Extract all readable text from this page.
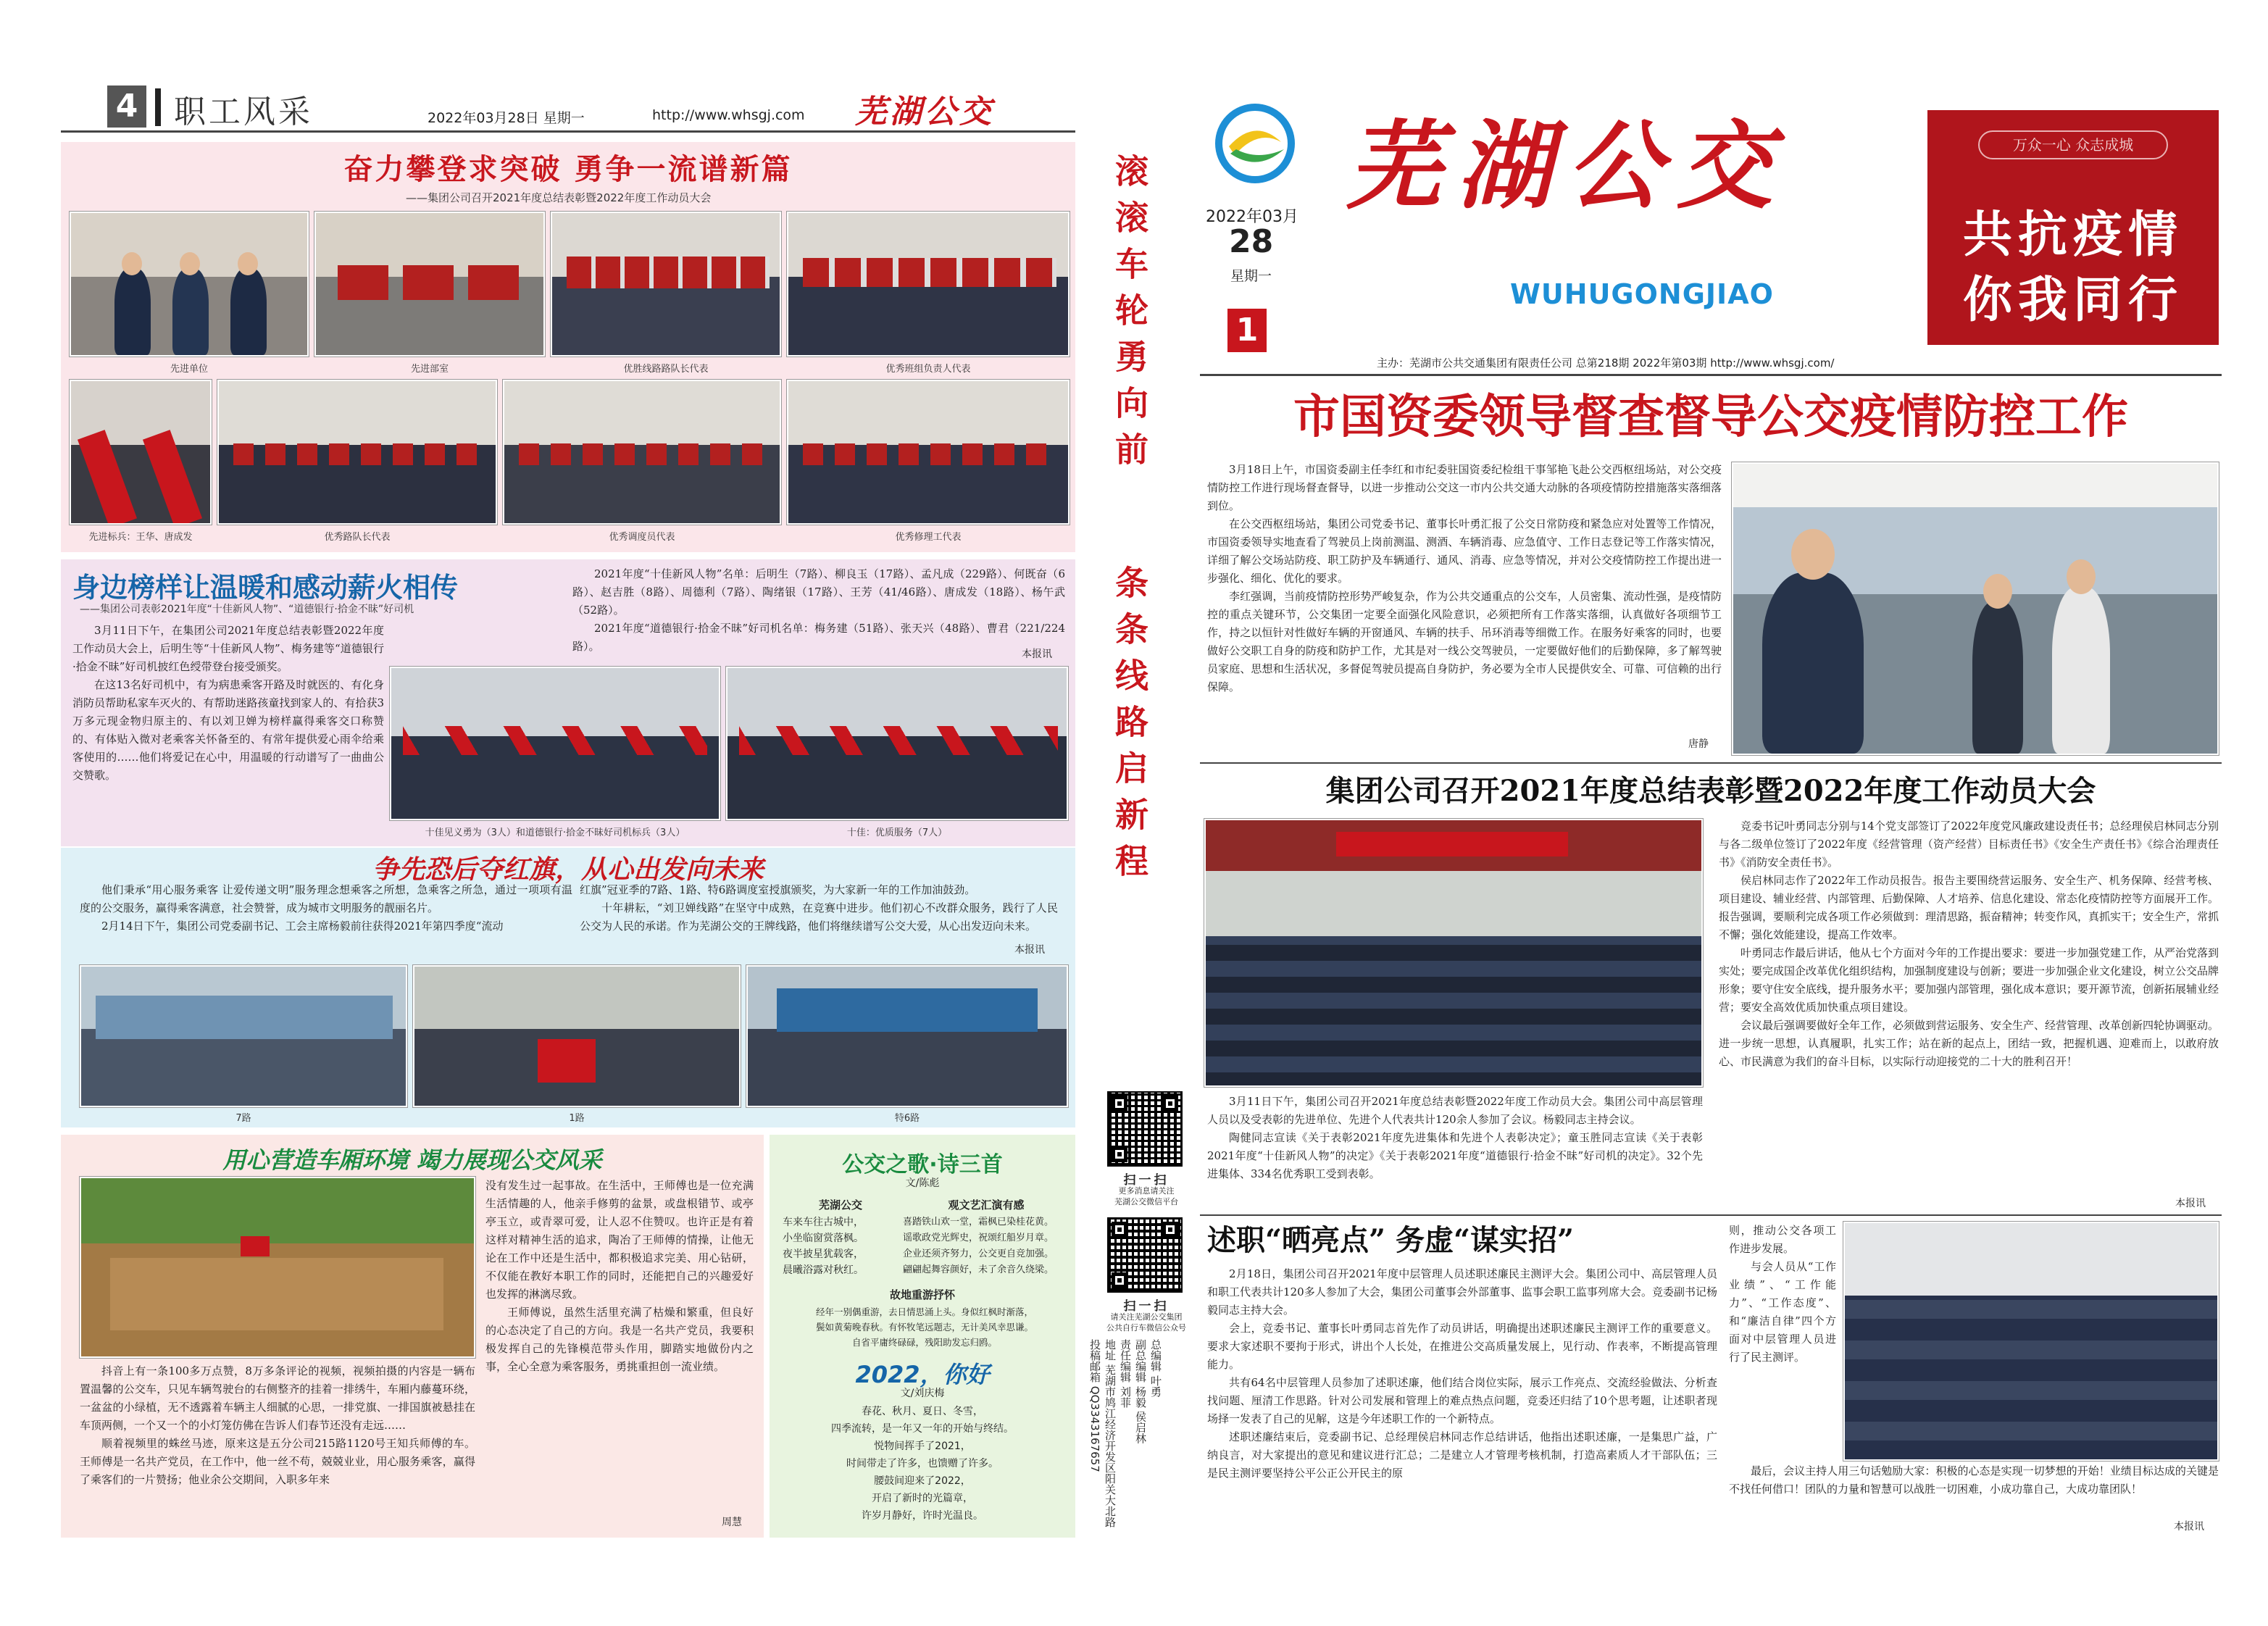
4 职工风采	2022年03月28日 星期一	http://www.whsgj.com 芜湖公交
奋力攀登求突破 勇争一流谱新篇
——集团公司召开2021年度总结表彰暨2022年度工作动员大会
先进单位	先进部室	优胜线路路队长代表	优秀班组负责人代表
先进标兵：王华、唐成发	优秀路队长代表	优秀调度员代表	优秀修理工代表
身边榜样让温暖和感动薪火相传
——集团公司表彰2021年度“十佳新风人物”、“道德银行·拾金不昧”好司机

3月11日下午，在集团公司2021年度总结表彰暨2022年度工作动员大会上，后明生等“十佳新风人物”、梅务建等“道德银行·拾金不昧”好司机披红色绶带登台接受颁奖。

在这13名好司机中，有为病患乘客开路及时就医的、有化身消防员帮助私家车灭火的、有帮助迷路孩童找到家人的、有拾获3万多元现金物归原主的、有以刘卫婵为榜样赢得乘客交口称赞的、有体贴入微对老乘客关怀备至的、有常年提供爱心雨伞给乘客使用的……他们将爱记在心中，用温暖的行动谱写了一曲曲公交赞歌。

2021年度“十佳新风人物”名单：后明生（7路）、柳良玉（17路）、孟凡成（229路）、何既奋（6路）、赵吉胜（8路）、周德利（7路）、陶绪银（17路）、王芳（41/46路）、唐成发（18路）、杨午武（52路）。

2021年度“道德银行·拾金不昧”好司机名单：梅务建（51路）、张天兴（48路）、曹君（221/224路）。

本报讯
十佳见义勇为（3人）和道德银行·拾金不昧好司机标兵（3人）	十佳：优质服务（7人）
争先恐后夺红旗，从心出发向未来

他们秉承“用心服务乘客 让爱传递文明”服务理念想乘客之所想，急乘客之所急，通过一项项有温度的公交服务，赢得乘客满意，社会赞誉，成为城市文明服务的靓丽名片。

2月14日下午，集团公司党委副书记、工会主席杨毅前往获得2021年第四季度“流动

红旗”冠亚季的7路、1路、特6路调度室授旗颁奖，为大家新一年的工作加油鼓劲。

十年耕耘，“刘卫婵线路”在坚守中成熟，在竞赛中进步。他们初心不改群众服务，践行了人民公交为人民的承诺。作为芜湖公交的王牌线路，他们将继续谱写公交大爱，从心出发迈向未来。

本报讯
7路	1路	特6路
用心营造车厢环境 竭力展现公交风采

抖音上有一条100多万点赞，8万多条评论的视频，视频拍摄的内容是一辆布置温馨的公交车，只见车辆驾驶台的右侧整齐的挂着一排绣牛，车厢内藤蔓环绕，一盆盆的小绿植，无不透露着车辆主人细腻的心思，一排党旗、一排国旗被悬挂在车顶两侧，一个又一个的小灯笼仿佛在告诉人们春节还没有走远……

顺着视频里的蛛丝马迹，原来这是五分公司215路1120号王知兵师傅的车。王师傅是一名共产党员，在工作中，他一丝不苟，兢兢业业，用心服务乘客，赢得了乘客们的一片赞扬；他业余公交期间，入职多年来

没有发生过一起事故。在生活中，王师傅也是一位充满生活情趣的人，他亲手修剪的盆景，或盘根错节、或亭亭玉立，或青翠可爱，让人忍不住赞叹。也许正是有着这样对精神生活的追求，陶冶了王师傅的情操，让他无论在工作中还是生活中，都积极追求完美、用心钻研，不仅能在教好本职工作的同时，还能把自己的兴趣爱好也发挥的淋漓尽致。

王师傅说，虽然生活里充满了枯燥和繁重，但良好的心态决定了自己的方向。我是一名共产党员，我要积极发挥自己的先锋模范带头作用，脚踏实地做份内之事，全心全意为乘客服务，勇挑重担创一流业绩。

周慧
公交之歌·诗三首
文/陈彪
芜湖公交
车来车往古城中，
小坐临窗赏落枫。
夜半披星犹载客，
晨曦浴露对秋红。
观文艺汇演有感
喜踏铁山欢一堂，霜枫已染桂花黄。
谣歌政党光辉史，祝颂红船岁月章。
企业还须齐努力，公交更自竞加强。
翩翩起舞容颜好，未了余音久绕梁。
故地重游抒怀
经年一别偶重游，去日情思涌上头。身似红枫时渐落，
鬓如黄菊晚春秋。有怀牧笔远题志，无计美风幸思谦。
自省平庸终碌碌，残阳助发忘归鸥。
2022，你好
文/刘庆梅
春花、秋月、夏日、冬雪，
四季流转，是一年又一年的开始与终结。
悦物间挥手了2021，
时间带走了许多，也馈赠了许多。
腰鼓间迎来了2022，
开启了新时的光篇章，
许岁月静好，许时光温良。
滚滚车轮勇向前
条条线路启新程
扫一扫
更多消息请关注
芜湖公交微信平台
扫一扫
请关注芜湖公交集团
公共自行车微信公众号
总编辑 叶勇
副总编辑 杨毅 侯启林
责任编辑 刘菲
地址 芜湖市鸠江经济开发区阳关大北路
投稿邮箱 QQ3343167657
2022年03月
28
星期一
1
芜湖公交
WUHUGONGJIAO
万众一心 众志成城
共抗疫情
你我同行
主办：芜湖市公共交通集团有限责任公司 总第218期 2022年第03期 http://www.whsgj.com/
市国资委领导督查督导公交疫情防控工作

3月18日上午，市国资委副主任李红和市纪委驻国资委纪检组干事邹艳飞赴公交西枢纽场站，对公交疫情防控工作进行现场督查督导，以进一步推动公交这一市内公共交通大动脉的各项疫情防控措施落实落细落到位。

在公交西枢纽场站，集团公司党委书记、董事长叶勇汇报了公交日常防疫和紧急应对处置等工作情况，市国资委领导实地查看了驾驶员上岗前测温、测酒、车辆消毒、应急值守、工作日志登记等工作落实情况，详细了解公交场站防疫、职工防护及车辆通行、通风、消毒、应急等情况，并对公交疫情防控工作提出进一步强化、细化、优化的要求。

李红强调，当前疫情防控形势严峻复杂，作为公共交通重点的公交车，人员密集、流动性强，是疫情防控的重点关键环节，公交集团一定要全面强化风险意识，必须把所有工作落实落细，认真做好各项细节工作，持之以恒针对性做好车辆的开窗通风、车辆的扶手、吊环消毒等细微工作。在服务好乘客的同时，也要做好公交职工自身的防疫和防护工作，尤其是对一线公交驾驶员，一定要做好他们的后勤保障，多了解驾驶员家庭、思想和生活状况，多督促驾驶员提高自身防护，务必要为全市人民提供安全、可靠、可信赖的出行保障。

唐静
集团公司召开2021年度总结表彰暨2022年度工作动员大会

3月11日下午，集团公司召开2021年度总结表彰暨2022年度工作动员大会。集团公司中高层管理人员以及受表彰的先进单位、先进个人代表共计120余人参加了会议。杨毅同志主持会议。

陶健同志宣读《关于表彰2021年度先进集体和先进个人表彰决定》；童玉胜同志宣读《关于表彰2021年度“十佳新风人物”的决定》《关于表彰2021年度“道德银行·拾金不昧”好司机的决定》。32个先进集体、334名优秀职工受到表彰。

竞委书记叶勇同志分别与14个党支部签订了2022年度党风廉政建设责任书；总经理侯启林同志分别与各二级单位签订了2022年度《经营管理（资产经营）目标责任书》《安全生产责任书》《综合治理责任书》《消防安全责任书》。

侯启林同志作了2022年工作动员报告。报告主要围绕营运服务、安全生产、机务保障、经营考核、项目建设、辅业经营、内部管理、后勤保障、人才培养、信息化建设、常态化疫情防控等方面展开工作。报告强调，要顺利完成各项工作必须做到：理清思路，振奋精神；转变作风，真抓实干；安全生产，常抓不懈；强化效能建设，提高工作效率。

叶勇同志作最后讲话，他从七个方面对今年的工作提出要求：要进一步加强党建工作，从严治党落到实处；要完成国企改革优化组织结构，加强制度建设与创新；要进一步加强企业文化建设，树立公交品牌形象；要守住安全底线，提升服务水平；要加强内部管理，强化成本意识；要开源节流，创新拓展辅业经营；要安全高效优质加快重点项目建设。

会议最后强调要做好全年工作，必须做到营运服务、安全生产、经营管理、改革创新四轮协调驱动。进一步统一思想，认真履职，扎实工作；站在新的起点上，团结一致，把握机遇、迎难而上，以敢府放心、市民满意为我们的奋斗目标，以实际行动迎接党的二十大的胜利召开！

本报讯
述职“晒亮点” 务虚“谋实招”

2月18日，集团公司召开2021年度中层管理人员述职述廉民主测评大会。集团公司中、高层管理人员和职工代表共计120多人参加了大会，集团公司董事会外部董事、监事会职工监事列席大会。竞委副书记杨毅同志主持大会。

会上，竞委书记、董事长叶勇同志首先作了动员讲话，明确提出述职述廉民主测评工作的重要意义。要求大家述职不要拘于形式，讲出个人长处，在推进公交高质量发展上，见行动、作表率，不断提高管理能力。

共有64名中层管理人员参加了述职述廉，他们结合岗位实际，展示工作亮点、交流经验做法、分析查找问题、厘清工作思路。针对公司发展和管理上的难点热点问题，竞委还归结了10个思考题，让述职者现场择一发表了自己的见解，这是今年述职工作的一个新特点。

述职述廉结束后，竞委副书记、总经理侯启林同志作总结讲话，他指出述职述廉，一是集思广益，广纳良言，对大家提出的意见和建议进行汇总；二是建立人才管理考核机制，打造高素质人才干部队伍；三是民主测评要坚持公平公正公开民主的原

则，推动公交各项工作进步发展。

与会人员从“工作业绩”、“工作能力”、“工作态度”、和“廉洁自律”四个方面对中层管理人员进行了民主测评。

最后，会议主持人用三句话勉励大家：积极的心态是实现一切梦想的开始！业绩目标达成的关键是不找任何借口！团队的力量和智慧可以战胜一切困难，小成功靠自己，大成功靠团队！

本报讯
